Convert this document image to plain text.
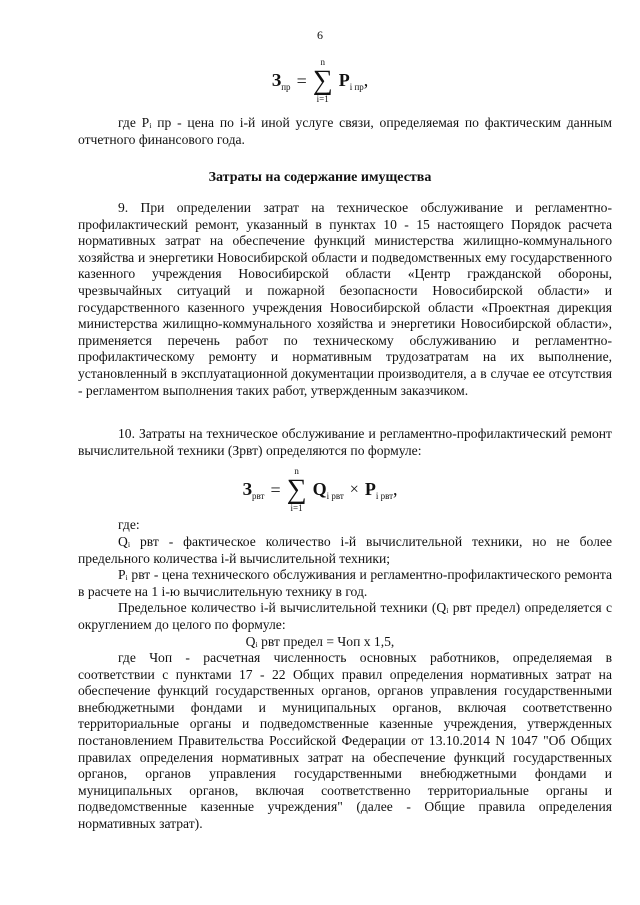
6
$З_{пр}$ =
n
∑
i=1
$P_{i пр}$,
где Pᵢ пр - цена по i-й иной услуге связи, определяемая по фактическим данным отчетного финансового года.
Затраты на содержание имущества
9. При определении затрат на техническое обслуживание и регламентно-профилактический ремонт, указанный в пунктах 10 - 15 настоящего Порядок расчета нормативных затрат на обеспечение функций министерства жилищно-коммунального хозяйства и энергетики Новосибирской области и подведомственных ему государственного казенного учреждения Новосибирской области «Центр гражданской обороны, чрезвычайных ситуаций и пожарной безопасности Новосибирской области» и государственного казенного учреждения Новосибирской области «Проектная дирекция министерства жилищно-коммунального хозяйства и энергетики Новосибирской области», применяется перечень работ по техническому обслуживанию и регламентно-профилактическому ремонту и нормативным трудозатратам на их выполнение, установленный в эксплуатационной документации производителя, а в случае ее отсутствия - регламентом выполнения таких работ, утвержденным заказчиком.
10. Затраты на техническое обслуживание и регламентно-профилактический ремонт вычислительной техники (Зрвт) определяются по формуле:
$З_{рвт}$ =
n
∑
i=1
$Q_{i рвт} \times P_{i рвт}$,
где:
Qᵢ рвт - фактическое количество i-й вычислительной техники, но не более предельного количества i-й вычислительной техники;
Pᵢ рвт - цена технического обслуживания и регламентно-профилактического ремонта в расчете на 1 i-ю вычислительную технику в год.
Предельное количество i-й вычислительной техники (Qᵢ рвт предел) определяется с округлением до целого по формуле:
Qᵢ рвт предел = Чоп x 1,5,
где Чоп - расчетная численность основных работников, определяемая в соответствии с пунктами 17 - 22 Общих правил определения нормативных затрат на обеспечение функций государственных органов, органов управления государственными внебюджетными фондами и муниципальных органов, включая соответственно территориальные органы и подведомственные казенные учреждения, утвержденных постановлением Правительства Российской Федерации от 13.10.2014 N 1047 "Об Общих правилах определения нормативных затрат на обеспечение функций государственных органов, органов управления государственными внебюджетными фондами и муниципальных органов, включая соответственно территориальные органы и подведомственные казенные учреждения" (далее - Общие правила определения нормативных затрат).
